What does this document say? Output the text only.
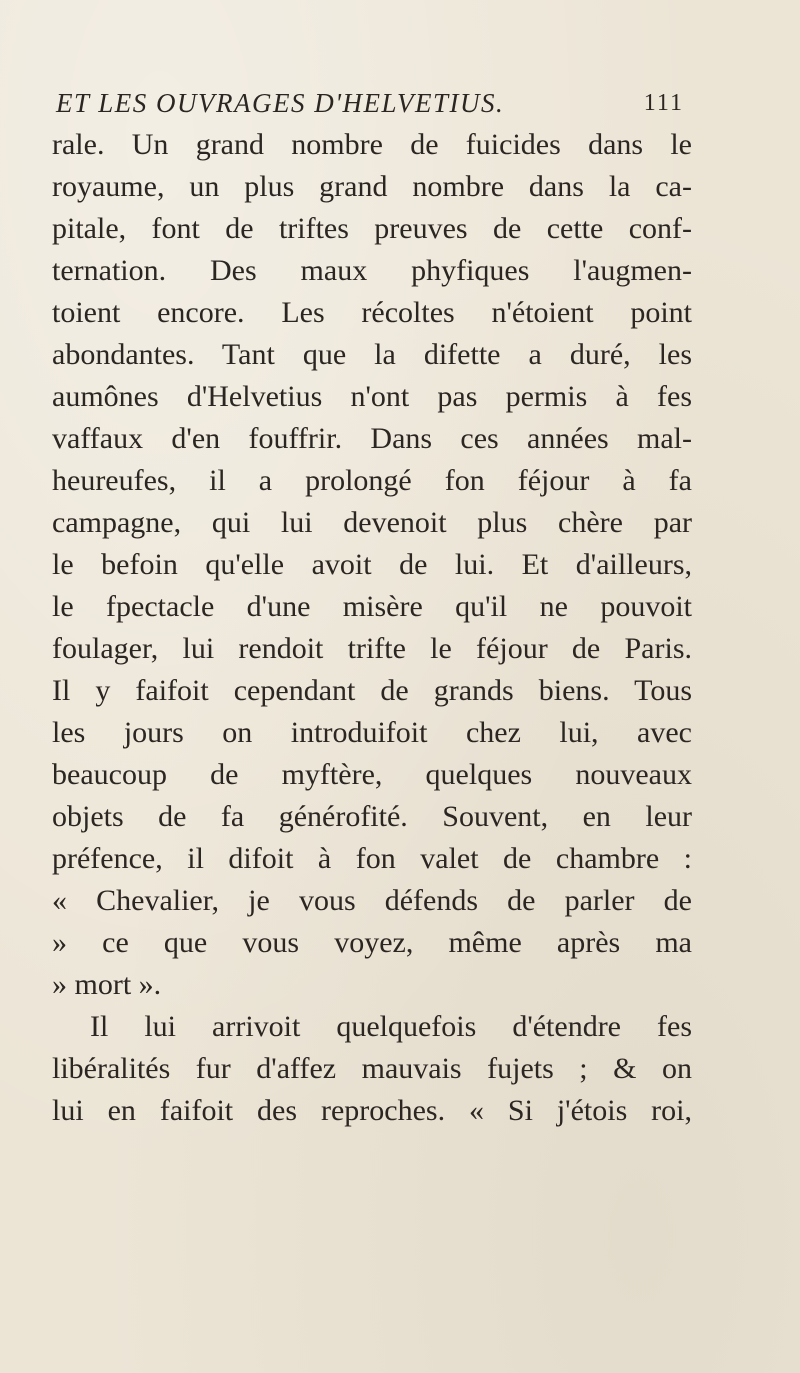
ET LES OUVRAGES D'HELVETIUS.	111
rale. Un grand nombre de fuicides dans le
royaume, un plus grand nombre dans la ca-
pitale, font de triftes preuves de cette conf-
ternation. Des maux phyfiques l'augmen-
toient encore. Les récoltes n'étoient point
abondantes. Tant que la difette a duré, les
aumônes d'Helvetius n'ont pas permis à fes
vaffaux d'en fouffrir. Dans ces années mal-
heureufes, il a prolongé fon féjour à fa
campagne, qui lui devenoit plus chère par
le befoin qu'elle avoit de lui. Et d'ailleurs,
le fpectacle d'une misère qu'il ne pouvoit
foulager, lui rendoit trifte le féjour de Paris.
Il y faifoit cependant de grands biens. Tous
les jours on introduifoit chez lui, avec
beaucoup de myftère, quelques nouveaux
objets de fa générofité. Souvent, en leur
préfence, il difoit à fon valet de chambre :
« Chevalier, je vous défends de parler de
» ce que vous voyez, même après ma
» mort ».
Il lui arrivoit quelquefois d'étendre fes
libéralités fur d'affez mauvais fujets ; & on
lui en faifoit des reproches. « Si j'étois roi,
